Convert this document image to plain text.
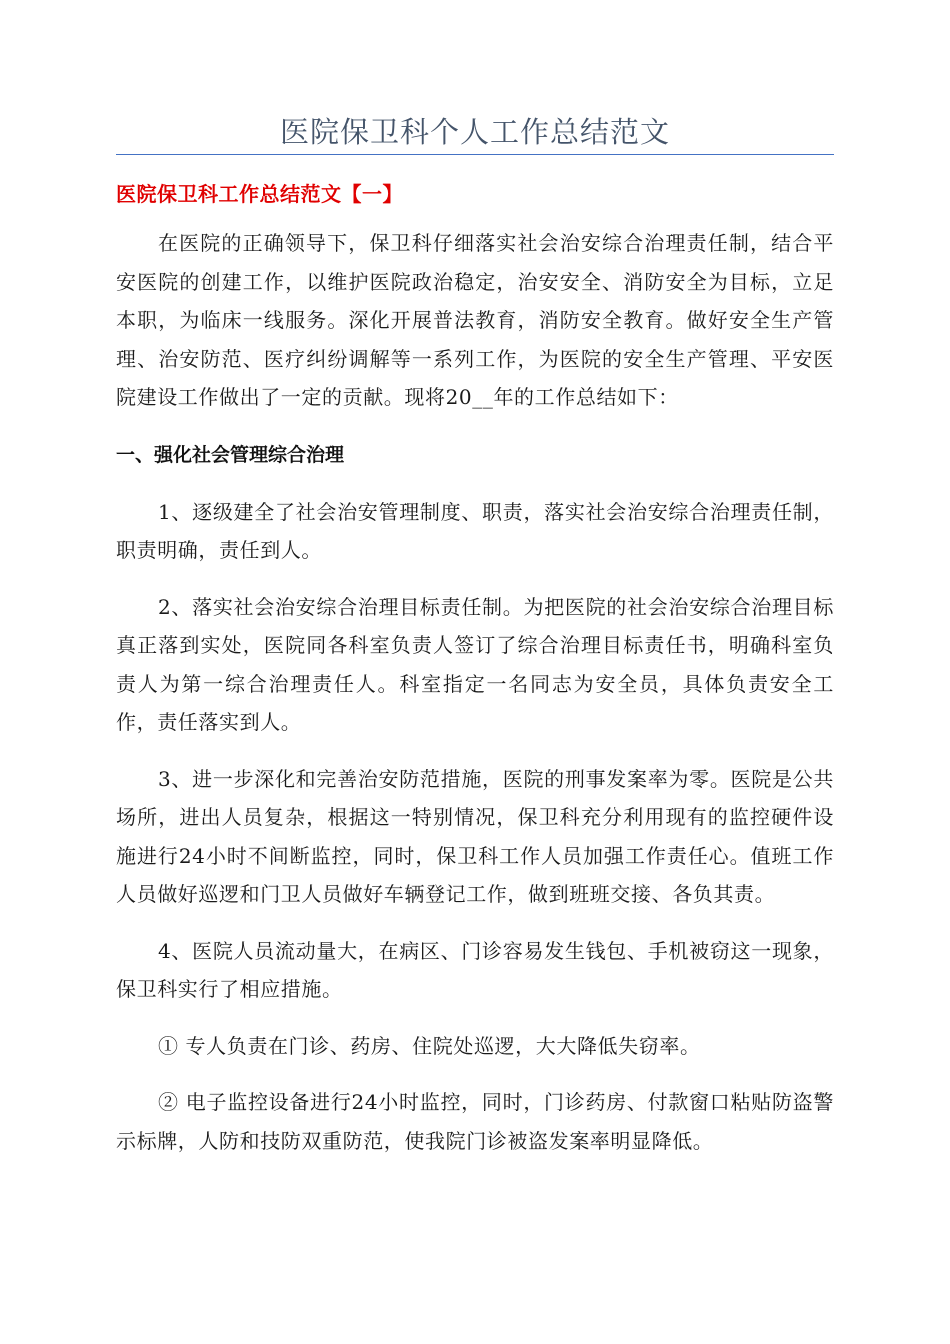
医院保卫科个人工作总结范文
医院保卫科工作总结范文【一】

在医院的正确领导下，保卫科仔细落实社会治安综合治理责任制，结合平安医院的创建工作，以维护医院政治稳定，治安安全、消防安全为目标，立足本职，为临床一线服务。深化开展普法教育，消防安全教育。做好安全生产管理、治安防范、医疗纠纷调解等一系列工作，为医院的安全生产管理、平安医院建设工作做出了一定的贡献。现将20__年的工作总结如下：

一、强化社会管理综合治理

1、逐级建全了社会治安管理制度、职责，落实社会治安综合治理责任制，职责明确，责任到人。

2、落实社会治安综合治理目标责任制。为把医院的社会治安综合治理目标真正落到实处，医院同各科室负责人签订了综合治理目标责任书，明确科室负责人为第一综合治理责任人。科室指定一名同志为安全员，具体负责安全工作，责任落实到人。

3、进一步深化和完善治安防范措施，医院的刑事发案率为零。医院是公共场所，进出人员复杂，根据这一特别情况，保卫科充分利用现有的监控硬件设施进行24小时不间断监控，同时，保卫科工作人员加强工作责任心。值班工作人员做好巡逻和门卫人员做好车辆登记工作，做到班班交接、各负其责。

4、医院人员流动量大，在病区、门诊容易发生钱包、手机被窃这一现象，保卫科实行了相应措施。

① 专人负责在门诊、药房、住院处巡逻，大大降低失窃率。

② 电子监控设备进行24小时监控，同时，门诊药房、付款窗口粘贴防盗警示标牌，人防和技防双重防范，使我院门诊被盗发案率明显降低。
